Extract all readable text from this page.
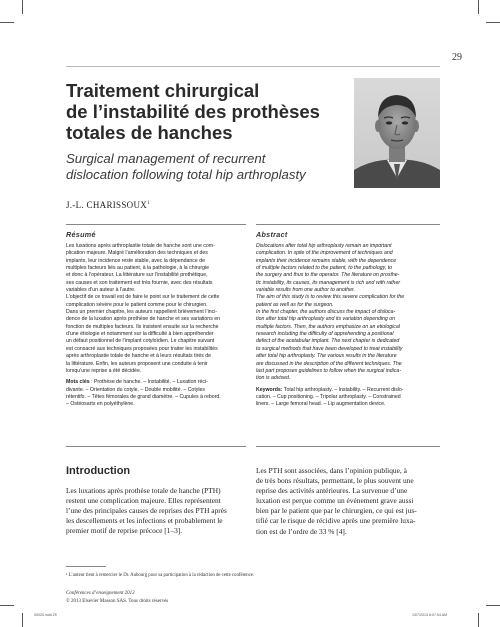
29
Traitement chirurgical
de l’instabilité des prothèses
totales de hanches
Surgical management of recurrent
dislocation following total hip arthroplasty
J.-L. CHARISSOUX$^1$
Résumé
Les luxations après arthroplastie totale de hanche sont une com-
plication majeure. Malgré l’amélioration des techniques et des
implants, leur incidence reste stable, avec la dépendance de
multiples facteurs liés au patient, à la pathologie, à la chirurgie
et donc à l’opérateur. La littérature sur l’instabilité prothétique,
ses causes et son traitement est très fournie, avec des résultats
variables d’un auteur à l’autre.
L’objectif de ce travail est de faire le point sur le traitement de cette
complication sévère pour le patient comme pour le chirurgien.
Dans un premier chapitre, les auteurs rappellent brièvement l’inci-
dence de la luxation après prothèse de hanche et ses variations en
fonction de multiples facteurs. Ils insistent ensuite sur la recherche
d’une étiologie et notamment sur la difficulté à bien appréhender
un défaut positionnel de l’implant cotyloïdien. Le chapitre suivant
est consacré aux techniques proposées pour traiter les instabilités
après arthroplastie totale de hanche et à leurs résultats tirés de
la littérature. Enfin, les auteurs proposent une conduite à tenir
lorsqu’une reprise a été décidée.
Mots clés : Prothèse de hanche. – Instabilité. – Luxation réci-
divante. – Orientation du cotyle. – Double mobilité. – Cotyles
rétentifs. – Têtes fémorales de grand diamètre. – Cupules à rebord.
– Ostéosarts en polyéthylène.
Abstract
Dislocations after total hip arthroplasty remain an important
complication. In spite of the improvement of techniques and
implants their incidence remains stable, with the dependence
of multiple factors related to the patient, to the pathology, to
the surgery and thus to the operator. The literature on prosthe-
tic instability, its causes, its management is rich and with rather
variable results from one author to another.
The aim of this study is to review this severe complication for the
patient as well as for the surgeon.
In the first chapter, the authors discuss the impact of disloca-
tion after total hip arthroplasty and its variation depending on
multiple factors. Then, the authors emphasize on an etiological
research including the difficulty of apprehending a positional
defect of the acetabular implant. The next chapter is dedicated
to surgical methods that have been developed to treat instability
after total hip arthroplasty. The various results in the literature
are discussed in the description of the different techniques. The
last part proposes guidelines to follow when the surgical indica-
tion is advised.
Keywords: Total hip arthroplasty. – Instability. – Recurrent dislo-
cation. – Cup positioning. – Tripolar arthroplasty. – Constrained
liners. – Large femoral head. – Lip augmentation device.
Introduction
Les luxations après prothèse totale de hanche (PTH)
restent une complication majeure. Elles représentent
l’une des principales causes de reprises des PTH après
les descellements et les infections et probablement le
premier motif de reprise précoce [1–3].
Les PTH sont associées, dans l’opinion publique, à
de très bons résultats, permettant, le plus souvent une
reprise des activités antérieures. La survenue d’une
luxation est perçue comme un événement grave aussi
bien par le patient que par le chirurgien, ce qui est jus-
tifié car le risque de récidive après une première luxa-
tion est de l’ordre de 33 % [4].
¹ L’auteur tient à remercier le Dr. Aubourg pour sa participation à la rédaction de cette conférence.
Conférences d’enseignement 2013
© 2013 Elsevier Masson SAS. Tous droits réservés
00020.indd 29	13/7/2013 8:07:04 AM
